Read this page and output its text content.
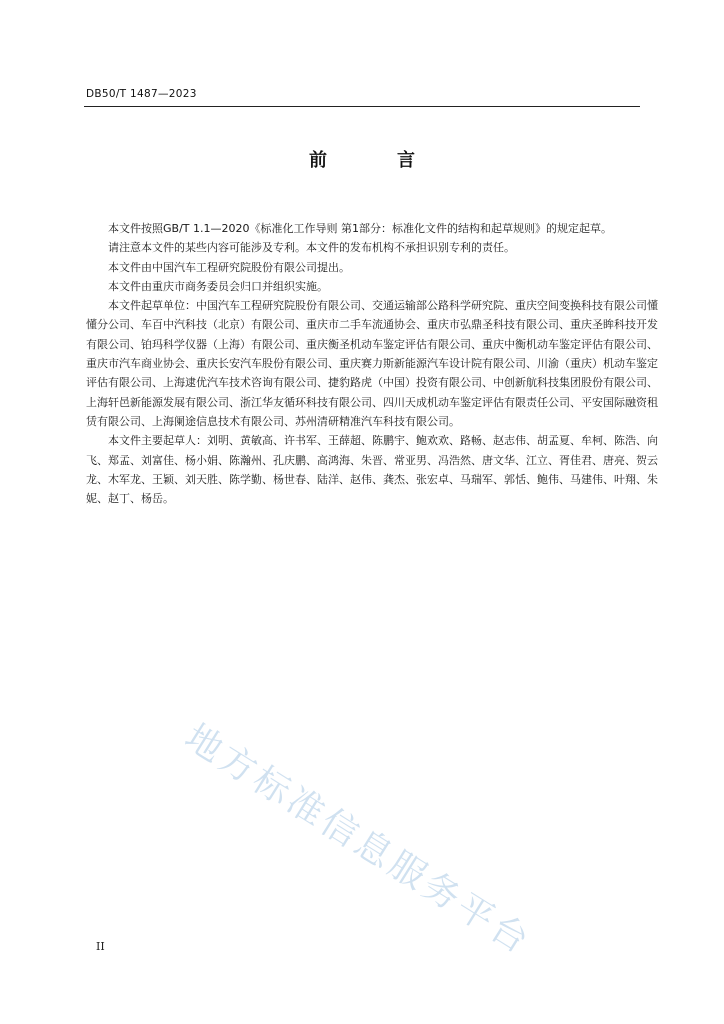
DB50/T 1487—2023
前　言

本文件按照GB/T 1.1—2020《标准化工作导则 第1部分：标准化文件的结构和起草规则》的规定起草。

请注意本文件的某些内容可能涉及专利。本文件的发布机构不承担识别专利的责任。

本文件由中国汽车工程研究院股份有限公司提出。

本文件由重庆市商务委员会归口并组织实施。

本文件起草单位：中国汽车工程研究院股份有限公司、交通运输部公路科学研究院、重庆空间变换科技有限公司懂懂分公司、车百中汽科技（北京）有限公司、重庆市二手车流通协会、重庆市弘鼎圣科技有限公司、重庆圣眸科技开发有限公司、铂玛科学仪器（上海）有限公司、重庆衡圣机动车鉴定评估有限公司、重庆中衡机动车鉴定评估有限公司、重庆市汽车商业协会、重庆长安汽车股份有限公司、重庆赛力斯新能源汽车设计院有限公司、川渝（重庆）机动车鉴定评估有限公司、上海逮优汽车技术咨询有限公司、捷豹路虎（中国）投资有限公司、中创新航科技集团股份有限公司、上海轩邑新能源发展有限公司、浙江华友循环科技有限公司、四川天成机动车鉴定评估有限责任公司、平安国际融资租赁有限公司、上海阑途信息技术有限公司、苏州清研精准汽车科技有限公司。

本文件主要起草人：刘明、黄敏高、许书军、王薛超、陈鹏宇、鲍欢欢、路畅、赵志伟、胡孟夏、牟柯、陈浩、向飞、郑孟、刘富佳、杨小娟、陈瀚州、孔庆鹏、高鸿海、朱晋、常亚男、冯浩然、唐文华、江立、胥佳君、唐亮、贺云龙、木军龙、王颖、刘天胜、陈学勤、杨世春、陆洋、赵伟、龚杰、张宏卓、马瑞军、郭恬、鲍伟、马建伟、叶翔、朱妮、赵丁、杨岳。

地方标准信息服务平台
II
